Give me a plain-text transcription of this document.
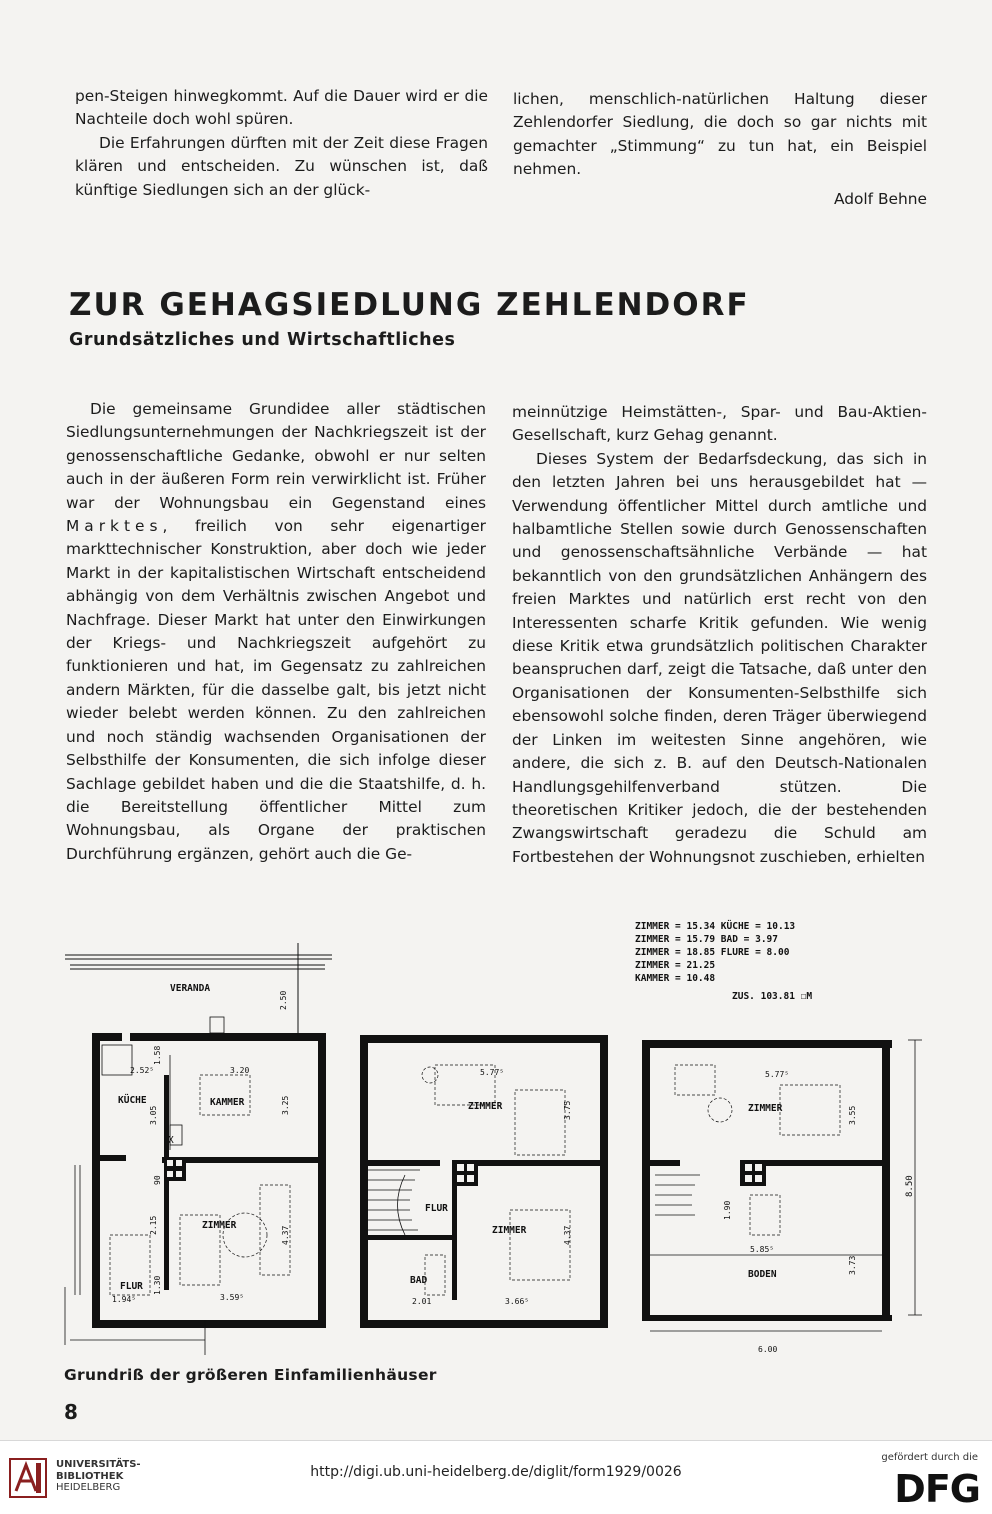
pen-Steigen hinwegkommt. Auf die Dauer wird er die Nachteile doch wohl spüren.

Die Erfahrungen dürften mit der Zeit diese Fragen klären und entscheiden. Zu wünschen ist, daß künftige Siedlungen sich an der glück-

lichen, menschlich-natürlichen Haltung dieser Zehlendorfer Siedlung, die doch so gar nichts mit gemachter „Stimmung“ zu tun hat, ein Beispiel nehmen.

Adolf Behne

ZUR GEHAGSIEDLUNG ZEHLENDORF
Grundsätzliches und Wirtschaftliches

Die gemeinsame Grundidee aller städtischen Siedlungsunternehmungen der Nachkriegszeit ist der genossenschaftliche Gedanke, obwohl er nur selten auch in der äußeren Form rein verwirklicht ist. Früher war der Wohnungsbau ein Gegenstand eines Marktes, freilich von sehr eigenartiger markttechnischer Konstruktion, aber doch wie jeder Markt in der kapitalistischen Wirtschaft entscheidend abhängig von dem Verhältnis zwischen Angebot und Nachfrage. Dieser Markt hat unter den Einwirkungen der Kriegs- und Nachkriegszeit aufgehört zu funktionieren und hat, im Gegensatz zu zahlreichen andern Märkten, für die dasselbe galt, bis jetzt nicht wieder belebt werden können. Zu den zahlreichen und noch ständig wachsenden Organisationen der Selbsthilfe der Konsumenten, die sich infolge dieser Sachlage gebildet haben und die die Staatshilfe, d. h. die Bereitstellung öffentlicher Mittel zum Wohnungsbau, als Organe der praktischen Durchführung ergänzen, gehört auch die Ge-

meinnützige Heimstätten-, Spar- und Bau-Aktien-Gesellschaft, kurz Gehag genannt.

Dieses System der Bedarfsdeckung, das sich in den letzten Jahren bei uns herausgebildet hat — Verwendung öffentlicher Mittel durch amtliche und halbamtliche Stellen sowie durch Genossenschaften und genossenschaftsähnliche Verbände — hat bekanntlich von den grundsätzlichen Anhängern des freien Marktes und natürlich erst recht von den Interessenten scharfe Kritik gefunden. Wie wenig diese Kritik etwa grundsätzlich politischen Charakter beanspruchen darf, zeigt die Tatsache, daß unter den Organisationen der Konsumenten-Selbsthilfe sich ebensowohl solche finden, deren Träger überwiegend der Linken im weitesten Sinne angehören, wie andere, die sich z. B. auf den Deutsch-Nationalen Handlungsgehilfenverband stützen. Die theoretischen Kritiker jedoch, die der bestehenden Zwangswirtschaft geradezu die Schuld am Fortbestehen der Wohnungsnot zuschieben, erhielten

ZIMMER = 15.34 KÜCHE = 10.13
ZIMMER = 15.79 BAD = 3.97
ZIMMER = 18.85 FLURE = 8.00
ZIMMER = 21.25
KAMMER = 10.48
ZUS. 103.81 ☐M
VERANDA
KÜCHE	KAMMER
ZIMMER
FLUR
X
2.52⁵	3.20
3.59⁵
1.94⁵
2.50
1.58
3.05
3.25
90
2.15
4.37
1.30
ZIMMER
FLUR
ZIMMER
BAD
5.77⁵
2.01	3.66⁵
3.75
4.37
ZIMMER
BODEN
5.77⁵
5.85⁵
6.00
3.55
1.90
3.73
8.50

Grundriß der größeren Einfamilienhäuser

8

UNIVERSITÄTS-
BIBLIOTHEK
HEIDELBERG

http://digi.ub.uni-heidelberg.de/diglit/form1929/0026

gefördert durch die

DFG
